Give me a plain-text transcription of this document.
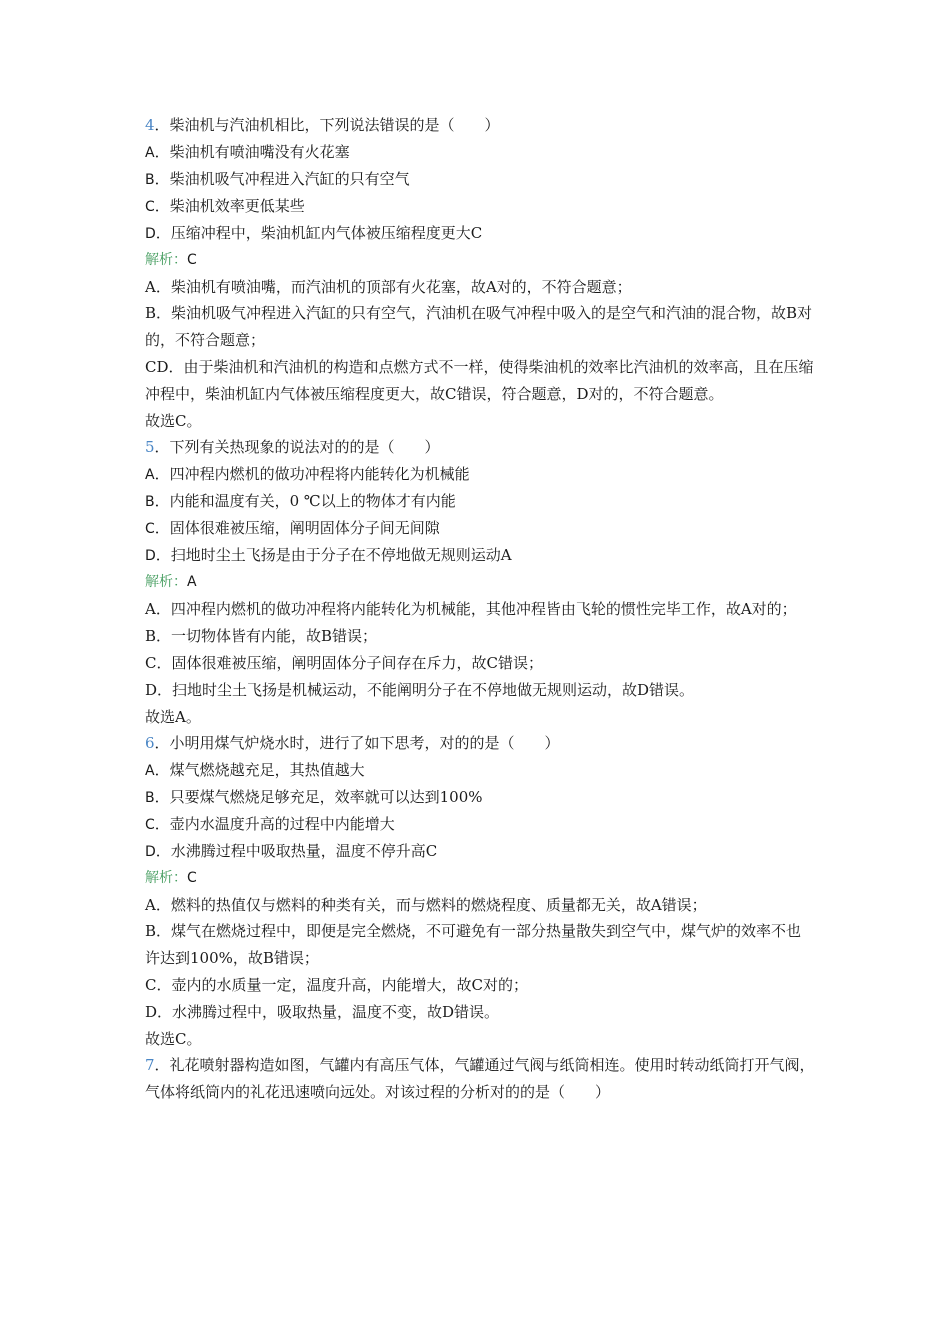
4．柴油机与汽油机相比，下列说法错误的是（　　）
A．柴油机有喷油嘴没有火花塞
B．柴油机吸气冲程进入汽缸的只有空气
C．柴油机效率更低某些
D．压缩冲程中，柴油机缸内气体被压缩程度更大C
解析：C
A．柴油机有喷油嘴，而汽油机的顶部有火花塞，故A对的，不符合题意；
B．柴油机吸气冲程进入汽缸的只有空气，汽油机在吸气冲程中吸入的是空气和汽油的混合物，故B对的，不符合题意；
CD．由于柴油机和汽油机的构造和点燃方式不一样，使得柴油机的效率比汽油机的效率高，且在压缩冲程中，柴油机缸内气体被压缩程度更大，故C错误，符合题意，D对的，不符合题意。
故选C。
5．下列有关热现象的说法对的的是（　　）
A．四冲程内燃机的做功冲程将内能转化为机械能
B．内能和温度有关，0 ℃以上的物体才有内能
C．固体很难被压缩，阐明固体分子间无间隙
D．扫地时尘土飞扬是由于分子在不停地做无规则运动A
解析：A
A．四冲程内燃机的做功冲程将内能转化为机械能，其他冲程皆由飞轮的惯性完毕工作，故A对的；
B．一切物体皆有内能，故B错误；
C．固体很难被压缩，阐明固体分子间存在斥力，故C错误；
D．扫地时尘土飞扬是机械运动，不能阐明分子在不停地做无规则运动，故D错误。
故选A。
6．小明用煤气炉烧水时，进行了如下思考，对的的是（　　）
A．煤气燃烧越充足，其热值越大
B．只要煤气燃烧足够充足，效率就可以达到100%
C．壶内水温度升高的过程中内能增大
D．水沸腾过程中吸取热量，温度不停升高C
解析：C
A．燃料的热值仅与燃料的种类有关，而与燃料的燃烧程度、质量都无关，故A错误；
B．煤气在燃烧过程中，即便是完全燃烧，不可避免有一部分热量散失到空气中，煤气炉的效率不也许达到100%，故B错误；
C．壶内的水质量一定，温度升高，内能增大，故C对的；
D．水沸腾过程中，吸取热量，温度不变，故D错误。
故选C。
7．礼花喷射器构造如图，气罐内有高压气体，气罐通过气阀与纸筒相连。使用时转动纸筒打开气阀，气体将纸筒内的礼花迅速喷向远处。对该过程的分析对的的是（　　）
